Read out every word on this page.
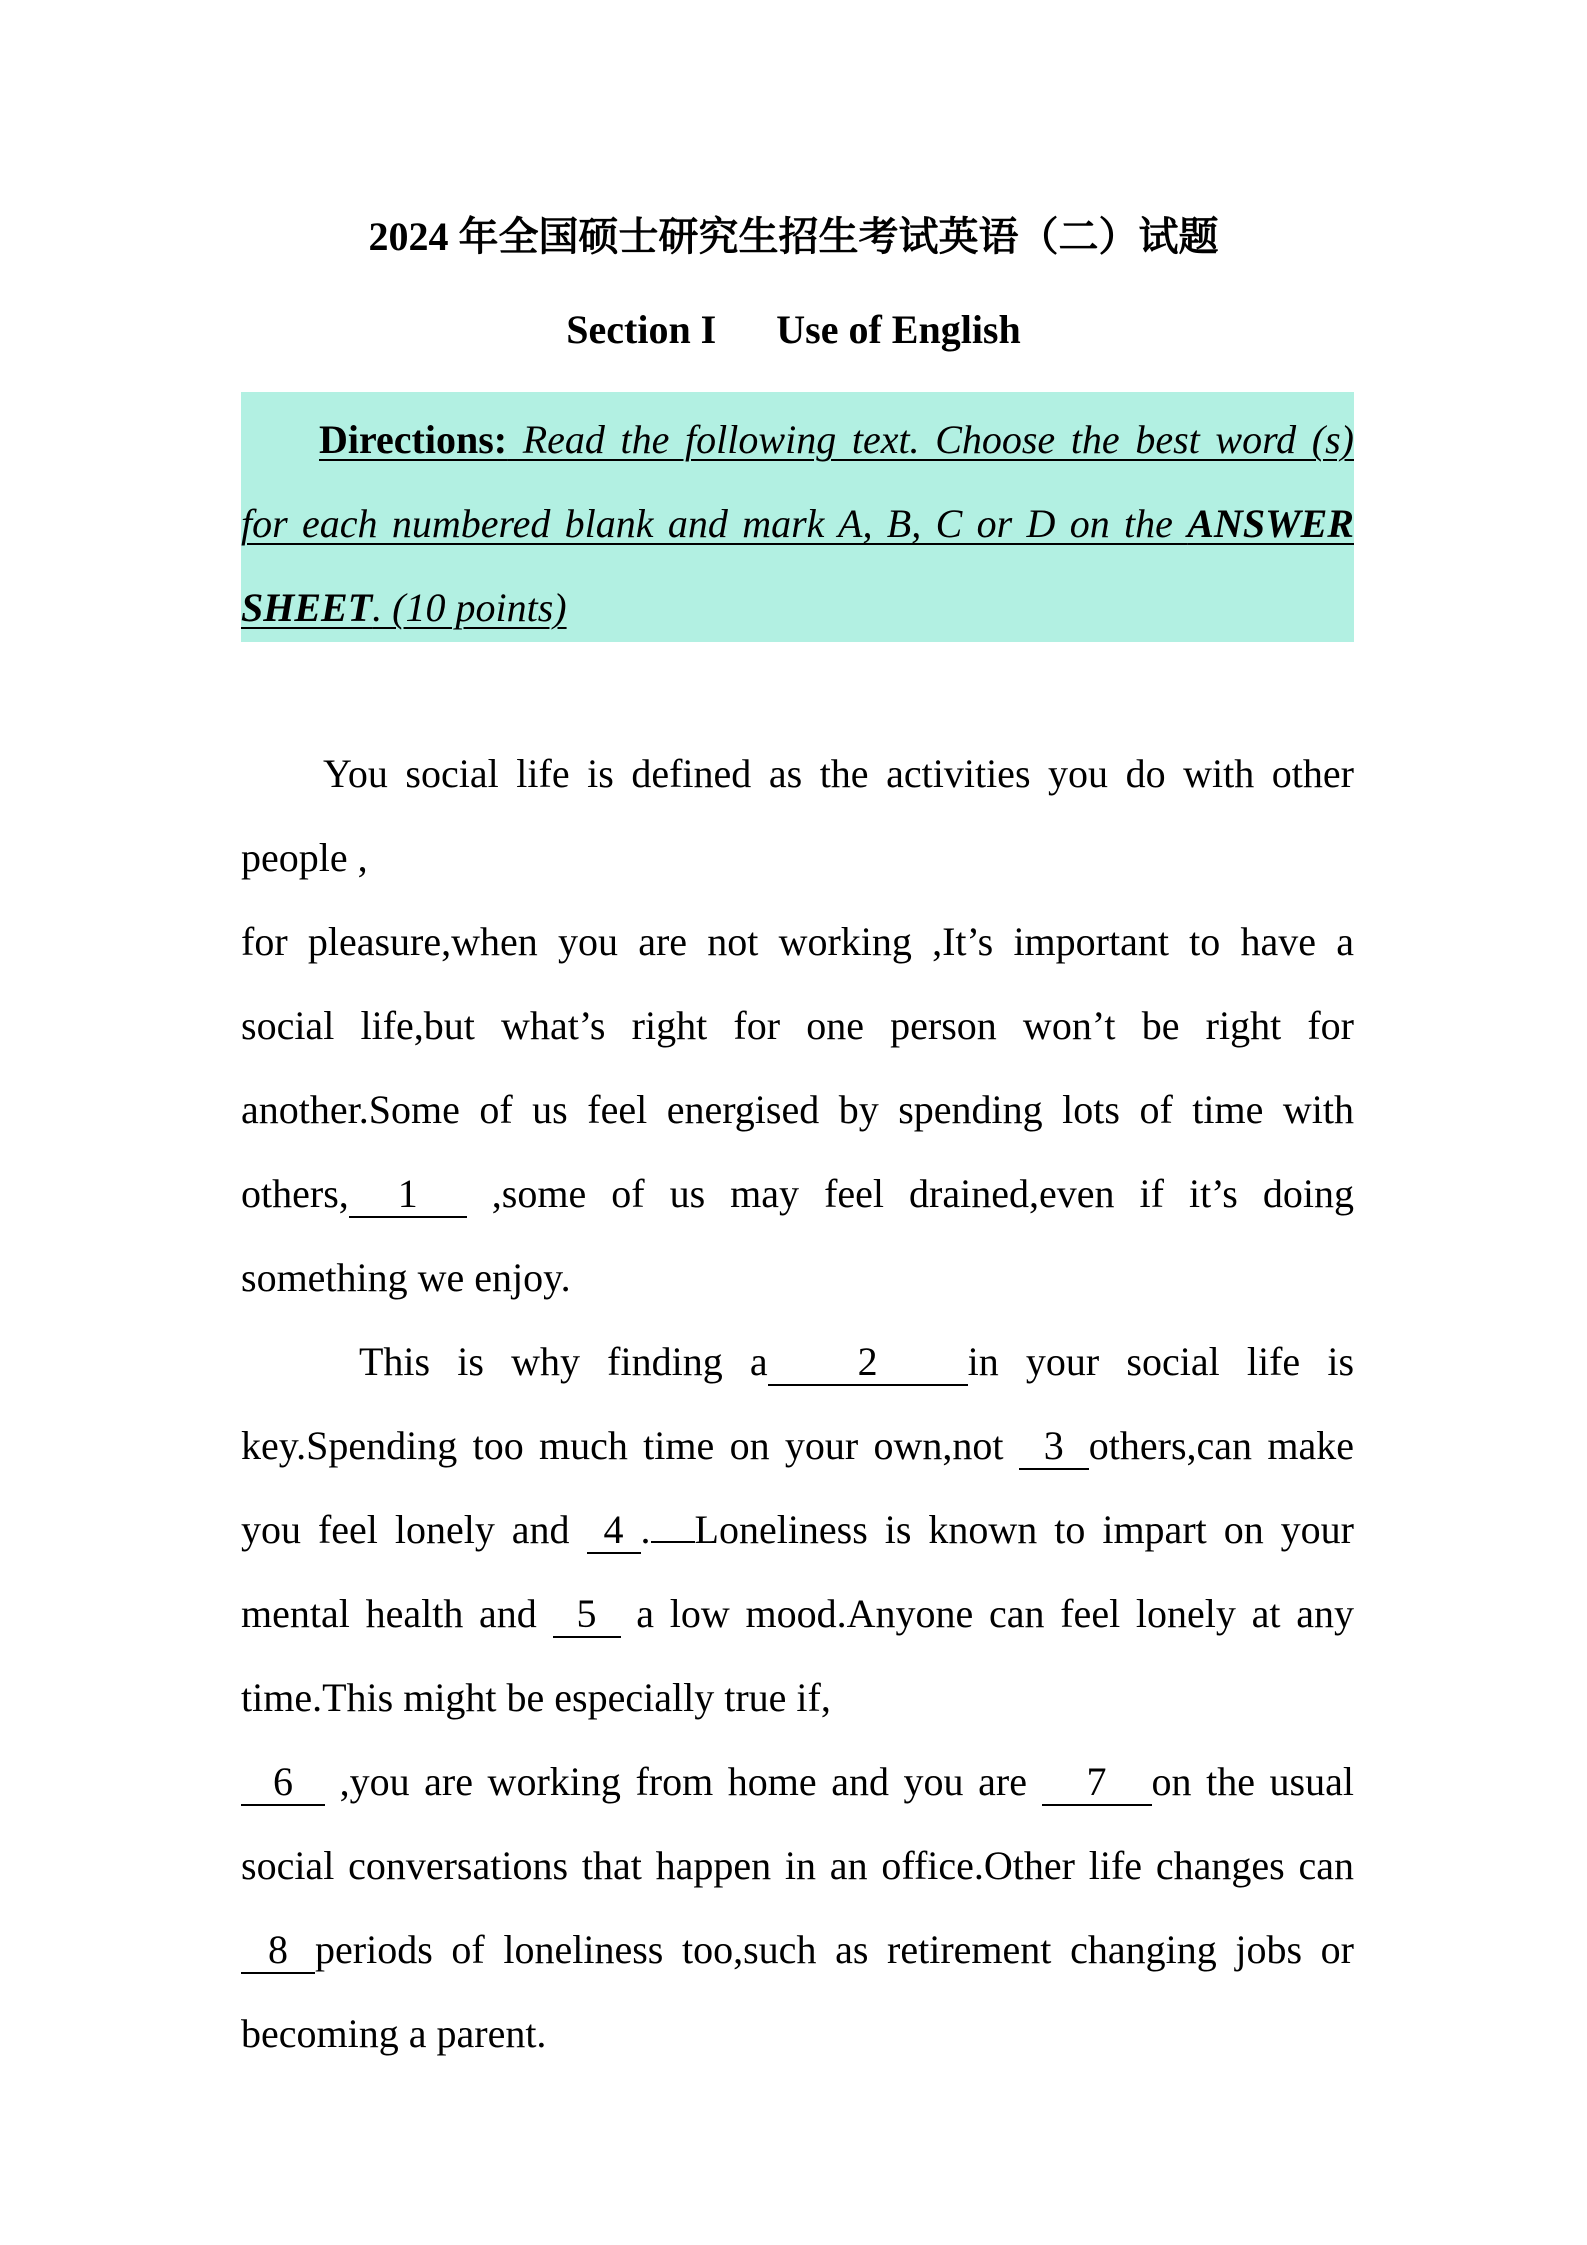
2024 年全国硕士研究生招生考试英语（二）试题
Section I      Use of English
Directions: Read the following text. Choose the best word (s) for each numbered blank and mark A, B, C or D on the ANSWER SHEET. (10 points)

You social life is defined as the activities you do with other people ,

for pleasure,when you are not working ,It’s important to have a social life,but what’s right for one person won’t be right for another.Some of us feel energised by spending lots of time with others, 1 ,some of us may feel drained,even if it’s doing something we enjoy.

This is why finding a 2 in your social life is key.Spending too much time on your own,not 3 others,can make you feel lonely and 4 . Loneliness is known to impart on your mental health and 5 a low mood.Anyone can feel lonely at any time.This might be especially true if,

6 ,you are working from home and you are 7 on the usual social conversations that happen in an office.Other life changes can 8 periods of loneliness too,such as retirement changing jobs or becoming a parent.
